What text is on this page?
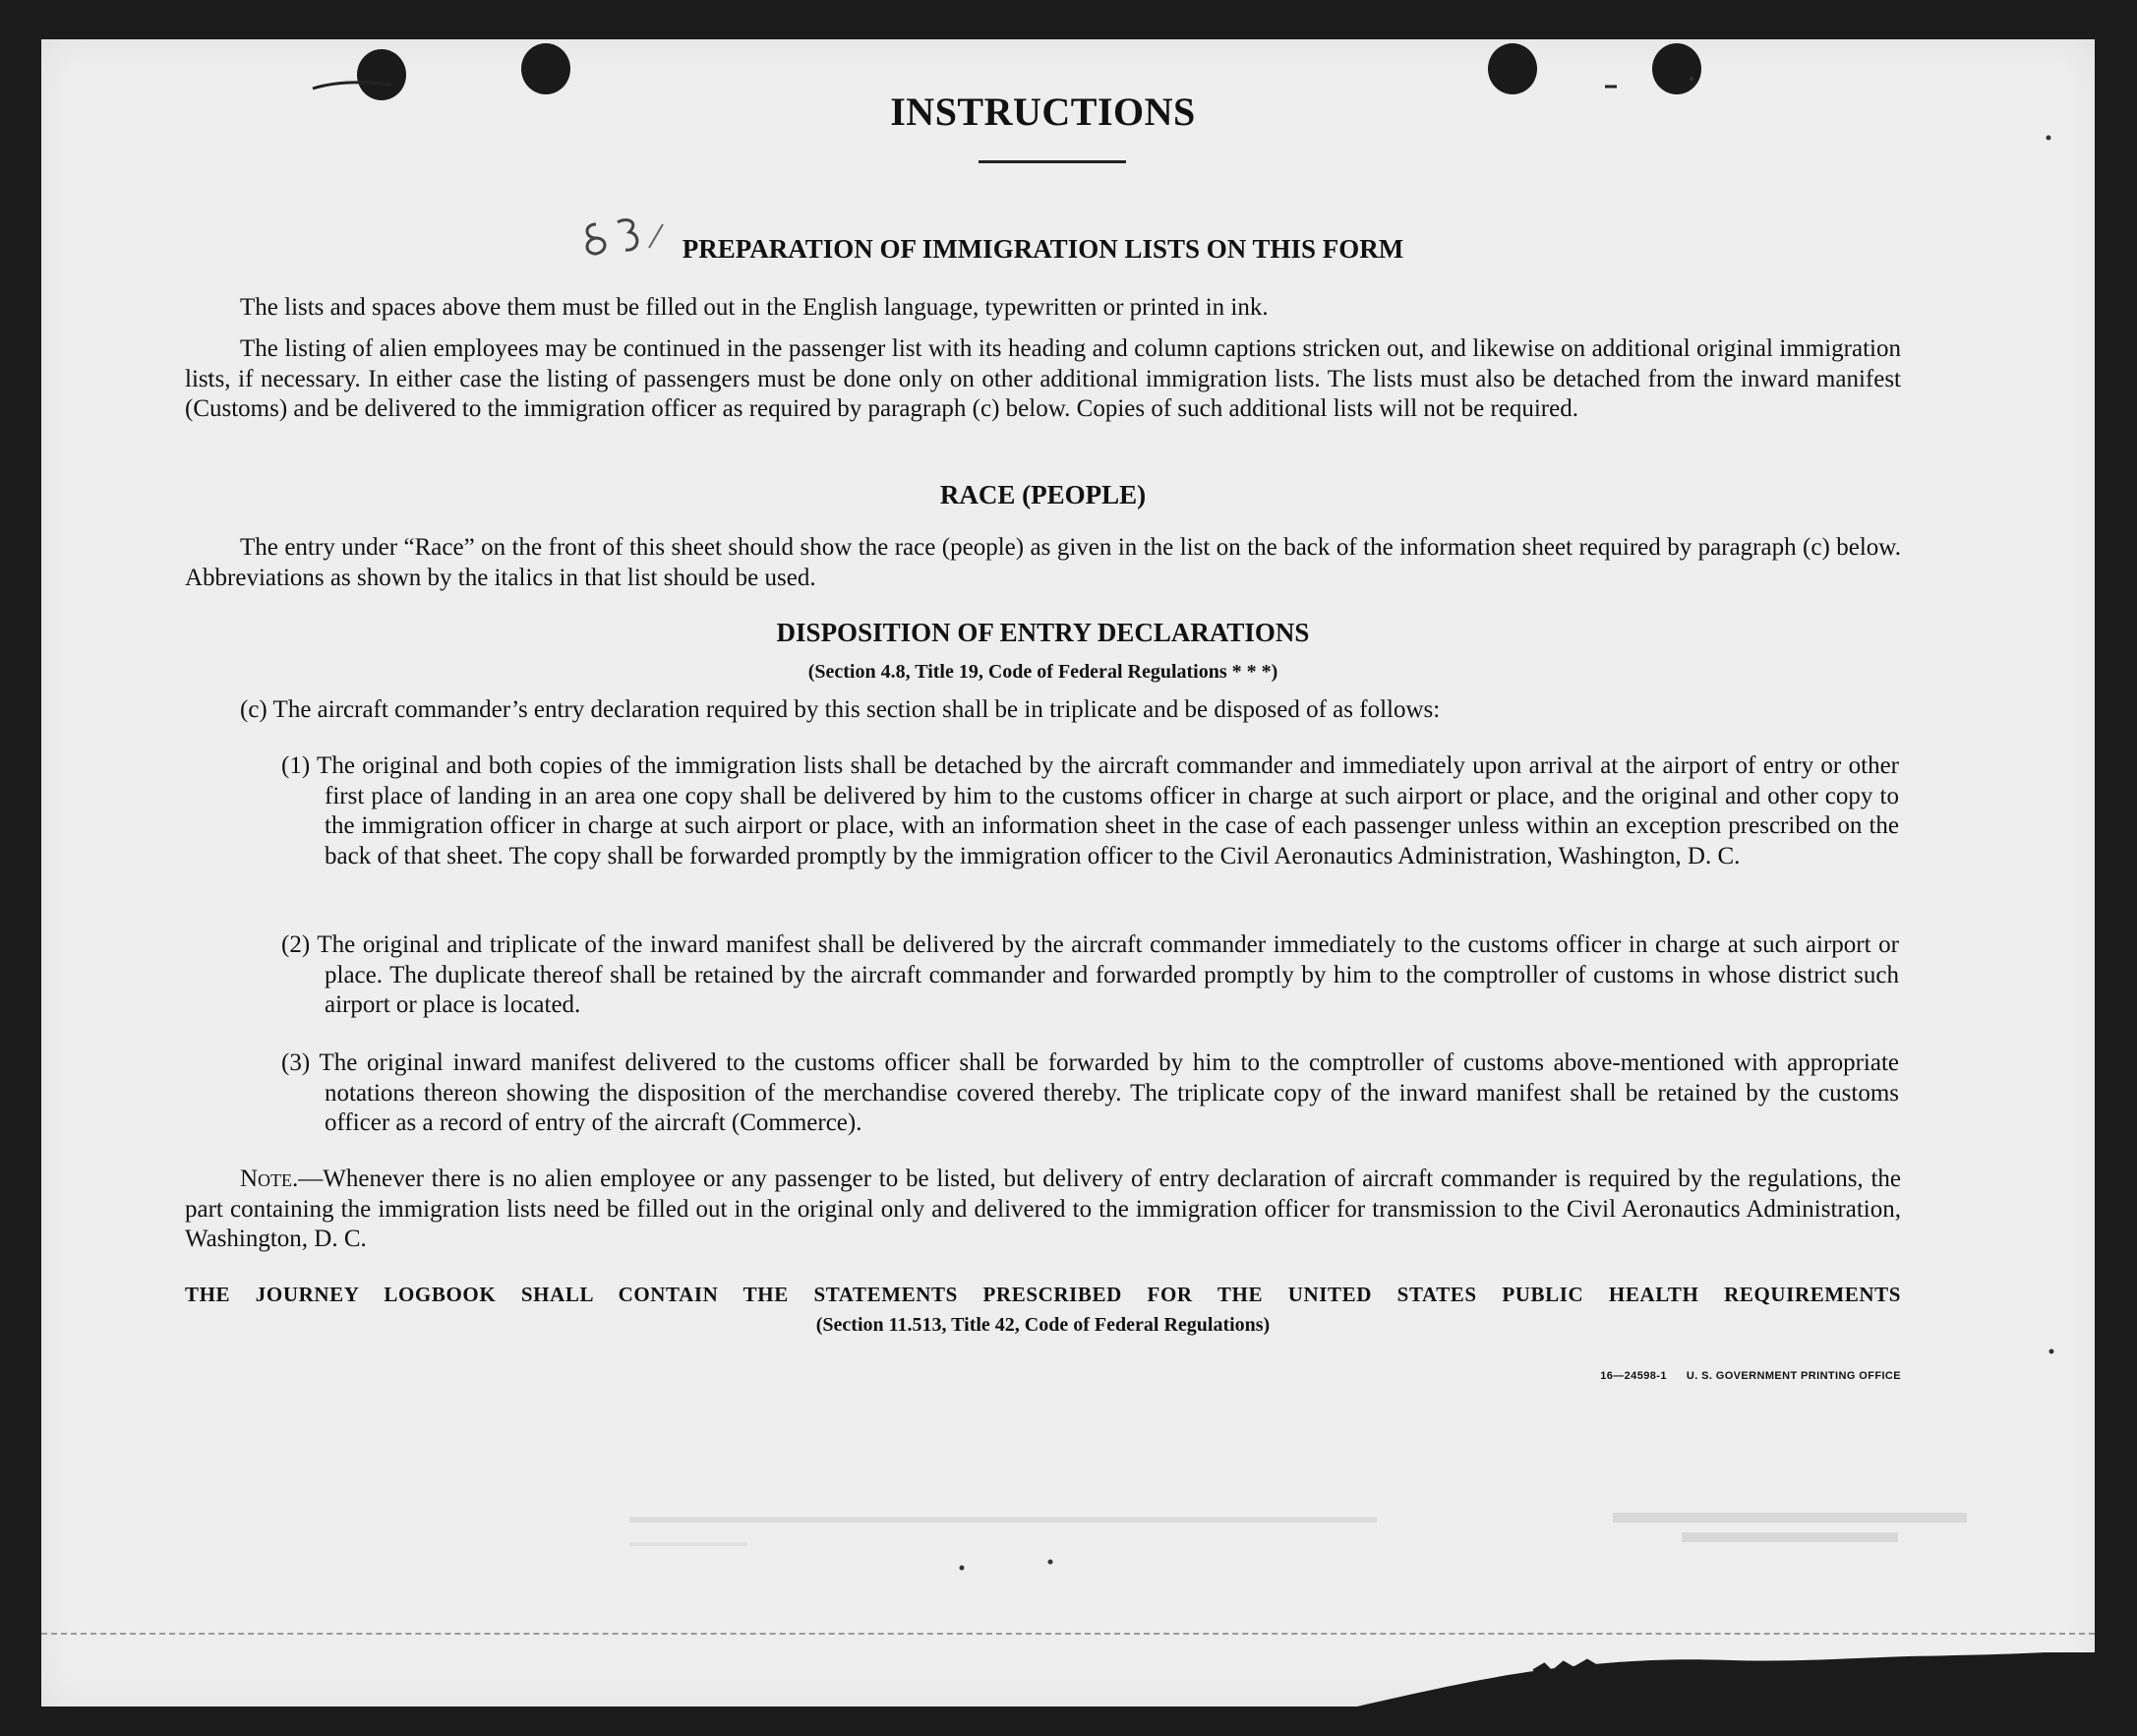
INSTRUCTIONS
PREPARATION OF IMMIGRATION LISTS ON THIS FORM
The lists and spaces above them must be filled out in the English language, typewritten or printed in ink.
The listing of alien employees may be continued in the passenger list with its heading and column captions stricken out, and likewise on additional original immigration lists, if necessary. In either case the listing of passengers must be done only on other additional immigration lists. The lists must also be detached from the inward manifest (Customs) and be delivered to the immigration officer as required by paragraph (c) below. Copies of such additional lists will not be required.
RACE (PEOPLE)
The entry under “Race” on the front of this sheet should show the race (people) as given in the list on the back of the information sheet required by paragraph (c) below. Abbreviations as shown by the italics in that list should be used.
DISPOSITION OF ENTRY DECLARATIONS
(Section 4.8, Title 19, Code of Federal Regulations * * *)
(c) The aircraft commander’s entry declaration required by this section shall be in triplicate and be disposed of as follows:
(1) The original and both copies of the immigration lists shall be detached by the aircraft commander and immediately upon arrival at the airport of entry or other first place of landing in an area one copy shall be delivered by him to the customs officer in charge at such airport or place, and the original and other copy to the immigration officer in charge at such airport or place, with an information sheet in the case of each passenger unless within an exception prescribed on the back of that sheet. The copy shall be forwarded promptly by the immigration officer to the Civil Aeronautics Administration, Washington, D. C.
(2) The original and triplicate of the inward manifest shall be delivered by the aircraft commander immediately to the customs officer in charge at such airport or place. The duplicate thereof shall be retained by the aircraft commander and forwarded promptly by him to the comptroller of customs in whose district such airport or place is located.
(3) The original inward manifest delivered to the customs officer shall be forwarded by him to the comptroller of customs above-mentioned with appropriate notations thereon showing the disposition of the merchandise covered thereby. The triplicate copy of the inward manifest shall be retained by the customs officer as a record of entry of the aircraft (Commerce).
Note.—Whenever there is no alien employee or any passenger to be listed, but delivery of entry declaration of aircraft commander is required by the regulations, the part containing the immigration lists need be filled out in the original only and delivered to the immigration officer for transmission to the Civil Aeronautics Administration, Washington, D. C.
THE JOURNEY LOGBOOK SHALL CONTAIN THE STATEMENTS PRESCRIBED FOR THE UNITED STATES PUBLIC HEALTH REQUIREMENTS
(Section 11.513, Title 42, Code of Federal Regulations)
16—24598-1 U. S. GOVERNMENT PRINTING OFFICE
